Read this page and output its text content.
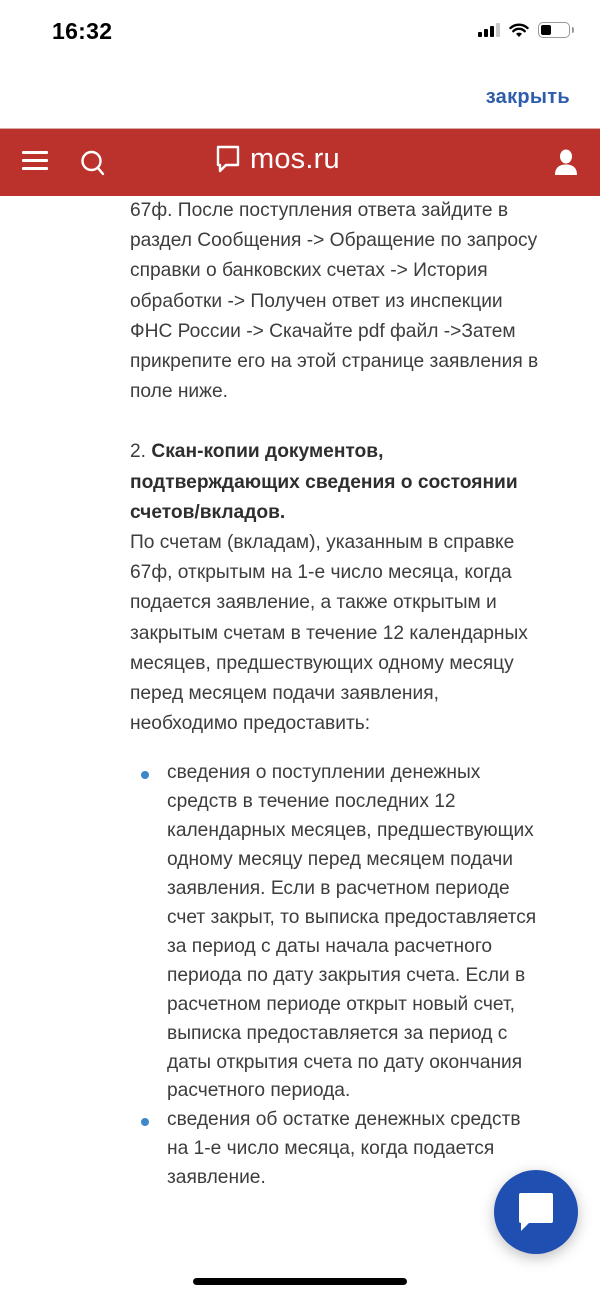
16:32
закрыть
mos.ru

67ф. После поступления ответа зайдите в раздел Сообщения -> Обращение по запросу справки о банковских счетах -> История обработки -> Получен ответ из инспекции ФНС России -> Скачайте pdf файл ->Затем прикрепите его на этой странице заявления в поле ниже.

2. Скан-копии документов, подтверждающих сведения о состоянии счетов/вкладов.

По счетам (вкладам), указанным в справке 67ф, открытым на 1-е число месяца, когда подается заявление, а также открытым и закрытым счетам в течение 12 календарных месяцев, предшествующих одному месяцу перед месяцем подачи заявления, необходимо предоставить:

сведения о поступлении денежных средств в течение последних 12 календарных месяцев, предшествующих одному месяцу перед месяцем подачи заявления. Если в расчетном периоде счет закрыт, то выписка предоставляется за период с даты начала расчетного периода по дату закрытия счета. Если в расчетном периоде открыт новый счет, выписка предоставляется за период с даты открытия счета по дату окончания расчетного периода.
сведения об остатке денежных средств на 1-е число месяца, когда подается заявление.
